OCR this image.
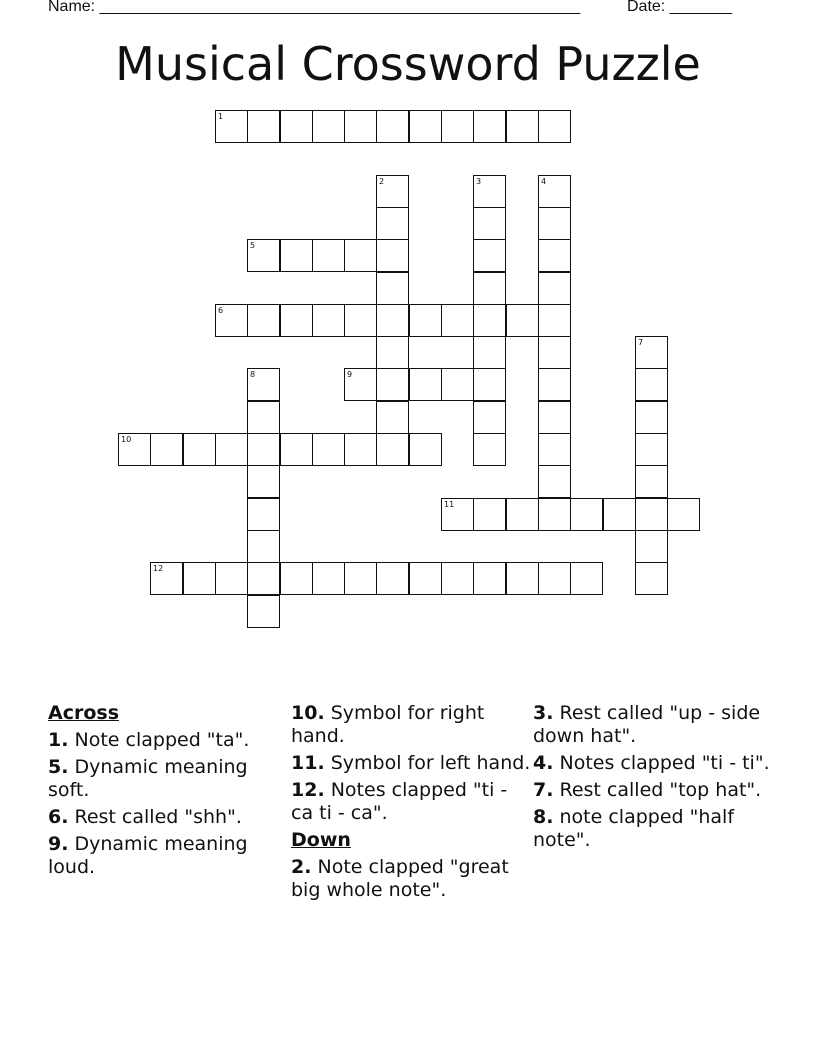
Name: ______________________________________________________	Date: _______
Musical Crossword Puzzle
1
2	3	4
5
6
7
8	9
10
11
12
Across
1. Note clapped "ta".
5. Dynamic meaning soft.
6. Rest called "shh".
9. Dynamic meaning loud.
10. Symbol for right hand.
11. Symbol for left hand.
12. Notes clapped "ti - ca ti - ca".
Down
2. Note clapped "great big whole note".
3. Rest called "up - side down hat".
4. Notes clapped "ti - ti".
7. Rest called "top hat".
8. note clapped "half note".
